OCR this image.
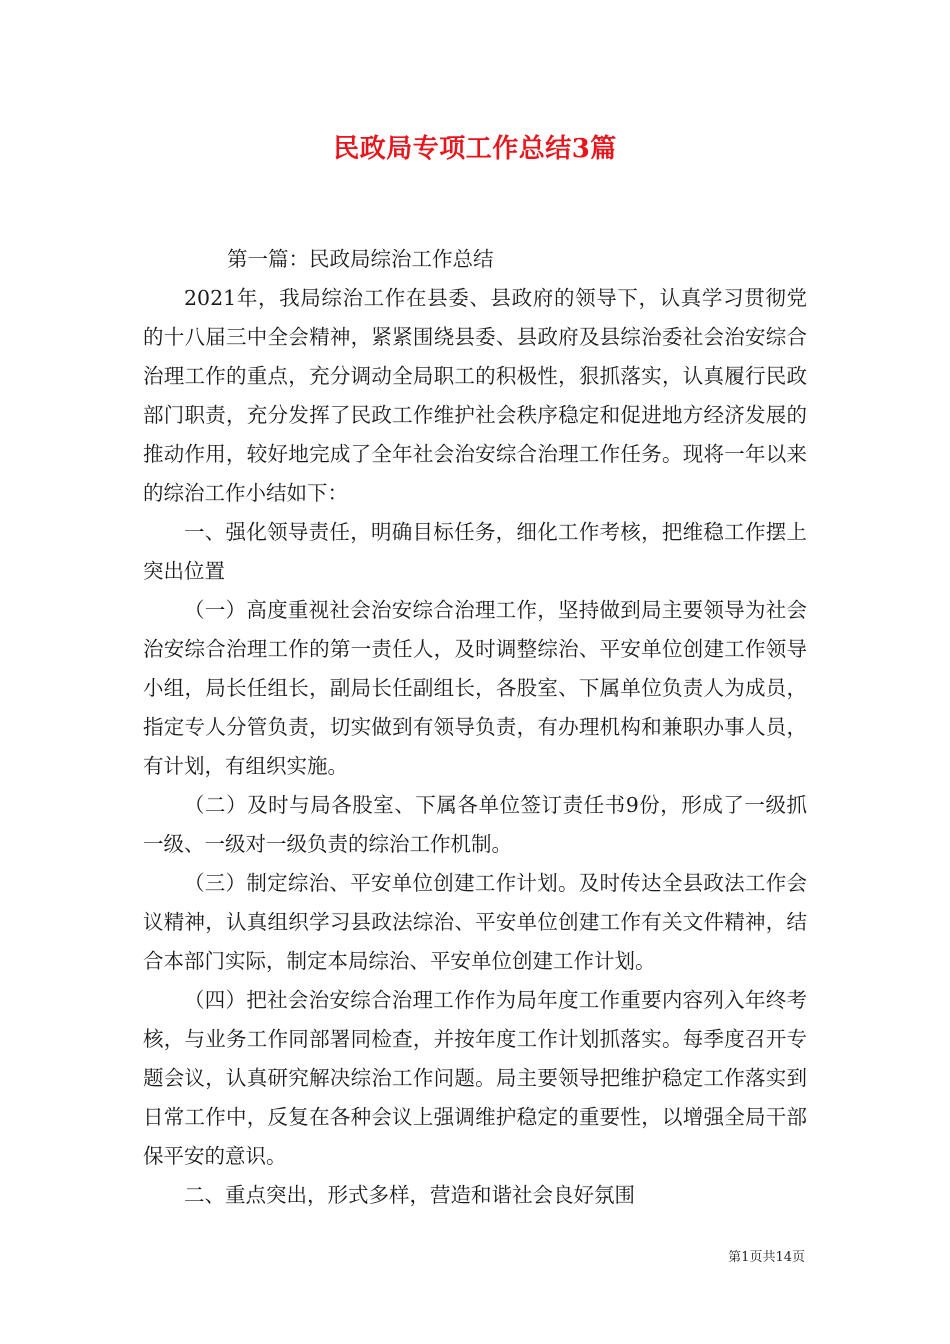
民政局专项工作总结3篇

第一篇：民政局综治工作总结

2021年，我局综治工作在县委、县政府的领导下，认真学习贯彻党的十八届三中全会精神，紧紧围绕县委、县政府及县综治委社会治安综合治理工作的重点，充分调动全局职工的积极性，狠抓落实，认真履行民政部门职责，充分发挥了民政工作维护社会秩序稳定和促进地方经济发展的推动作用，较好地完成了全年社会治安综合治理工作任务。现将一年以来的综治工作小结如下：

一、强化领导责任，明确目标任务，细化工作考核，把维稳工作摆上突出位置

（一）高度重视社会治安综合治理工作，坚持做到局主要领导为社会治安综合治理工作的第一责任人，及时调整综治、平安单位创建工作领导小组，局长任组长，副局长任副组长，各股室、下属单位负责人为成员，指定专人分管负责，切实做到有领导负责，有办理机构和兼职办事人员，有计划，有组织实施。

（二）及时与局各股室、下属各单位签订责任书9份，形成了一级抓一级、一级对一级负责的综治工作机制。

（三）制定综治、平安单位创建工作计划。及时传达全县政法工作会议精神，认真组织学习县政法综治、平安单位创建工作有关文件精神，结合本部门实际，制定本局综治、平安单位创建工作计划。

（四）把社会治安综合治理工作作为局年度工作重要内容列入年终考核，与业务工作同部署同检查，并按年度工作计划抓落实。每季度召开专题会议，认真研究解决综治工作问题。局主要领导把维护稳定工作落实到日常工作中，反复在各种会议上强调维护稳定的重要性，以增强全局干部保平安的意识。

二、重点突出，形式多样，营造和谐社会良好氛围

第1页共14页
